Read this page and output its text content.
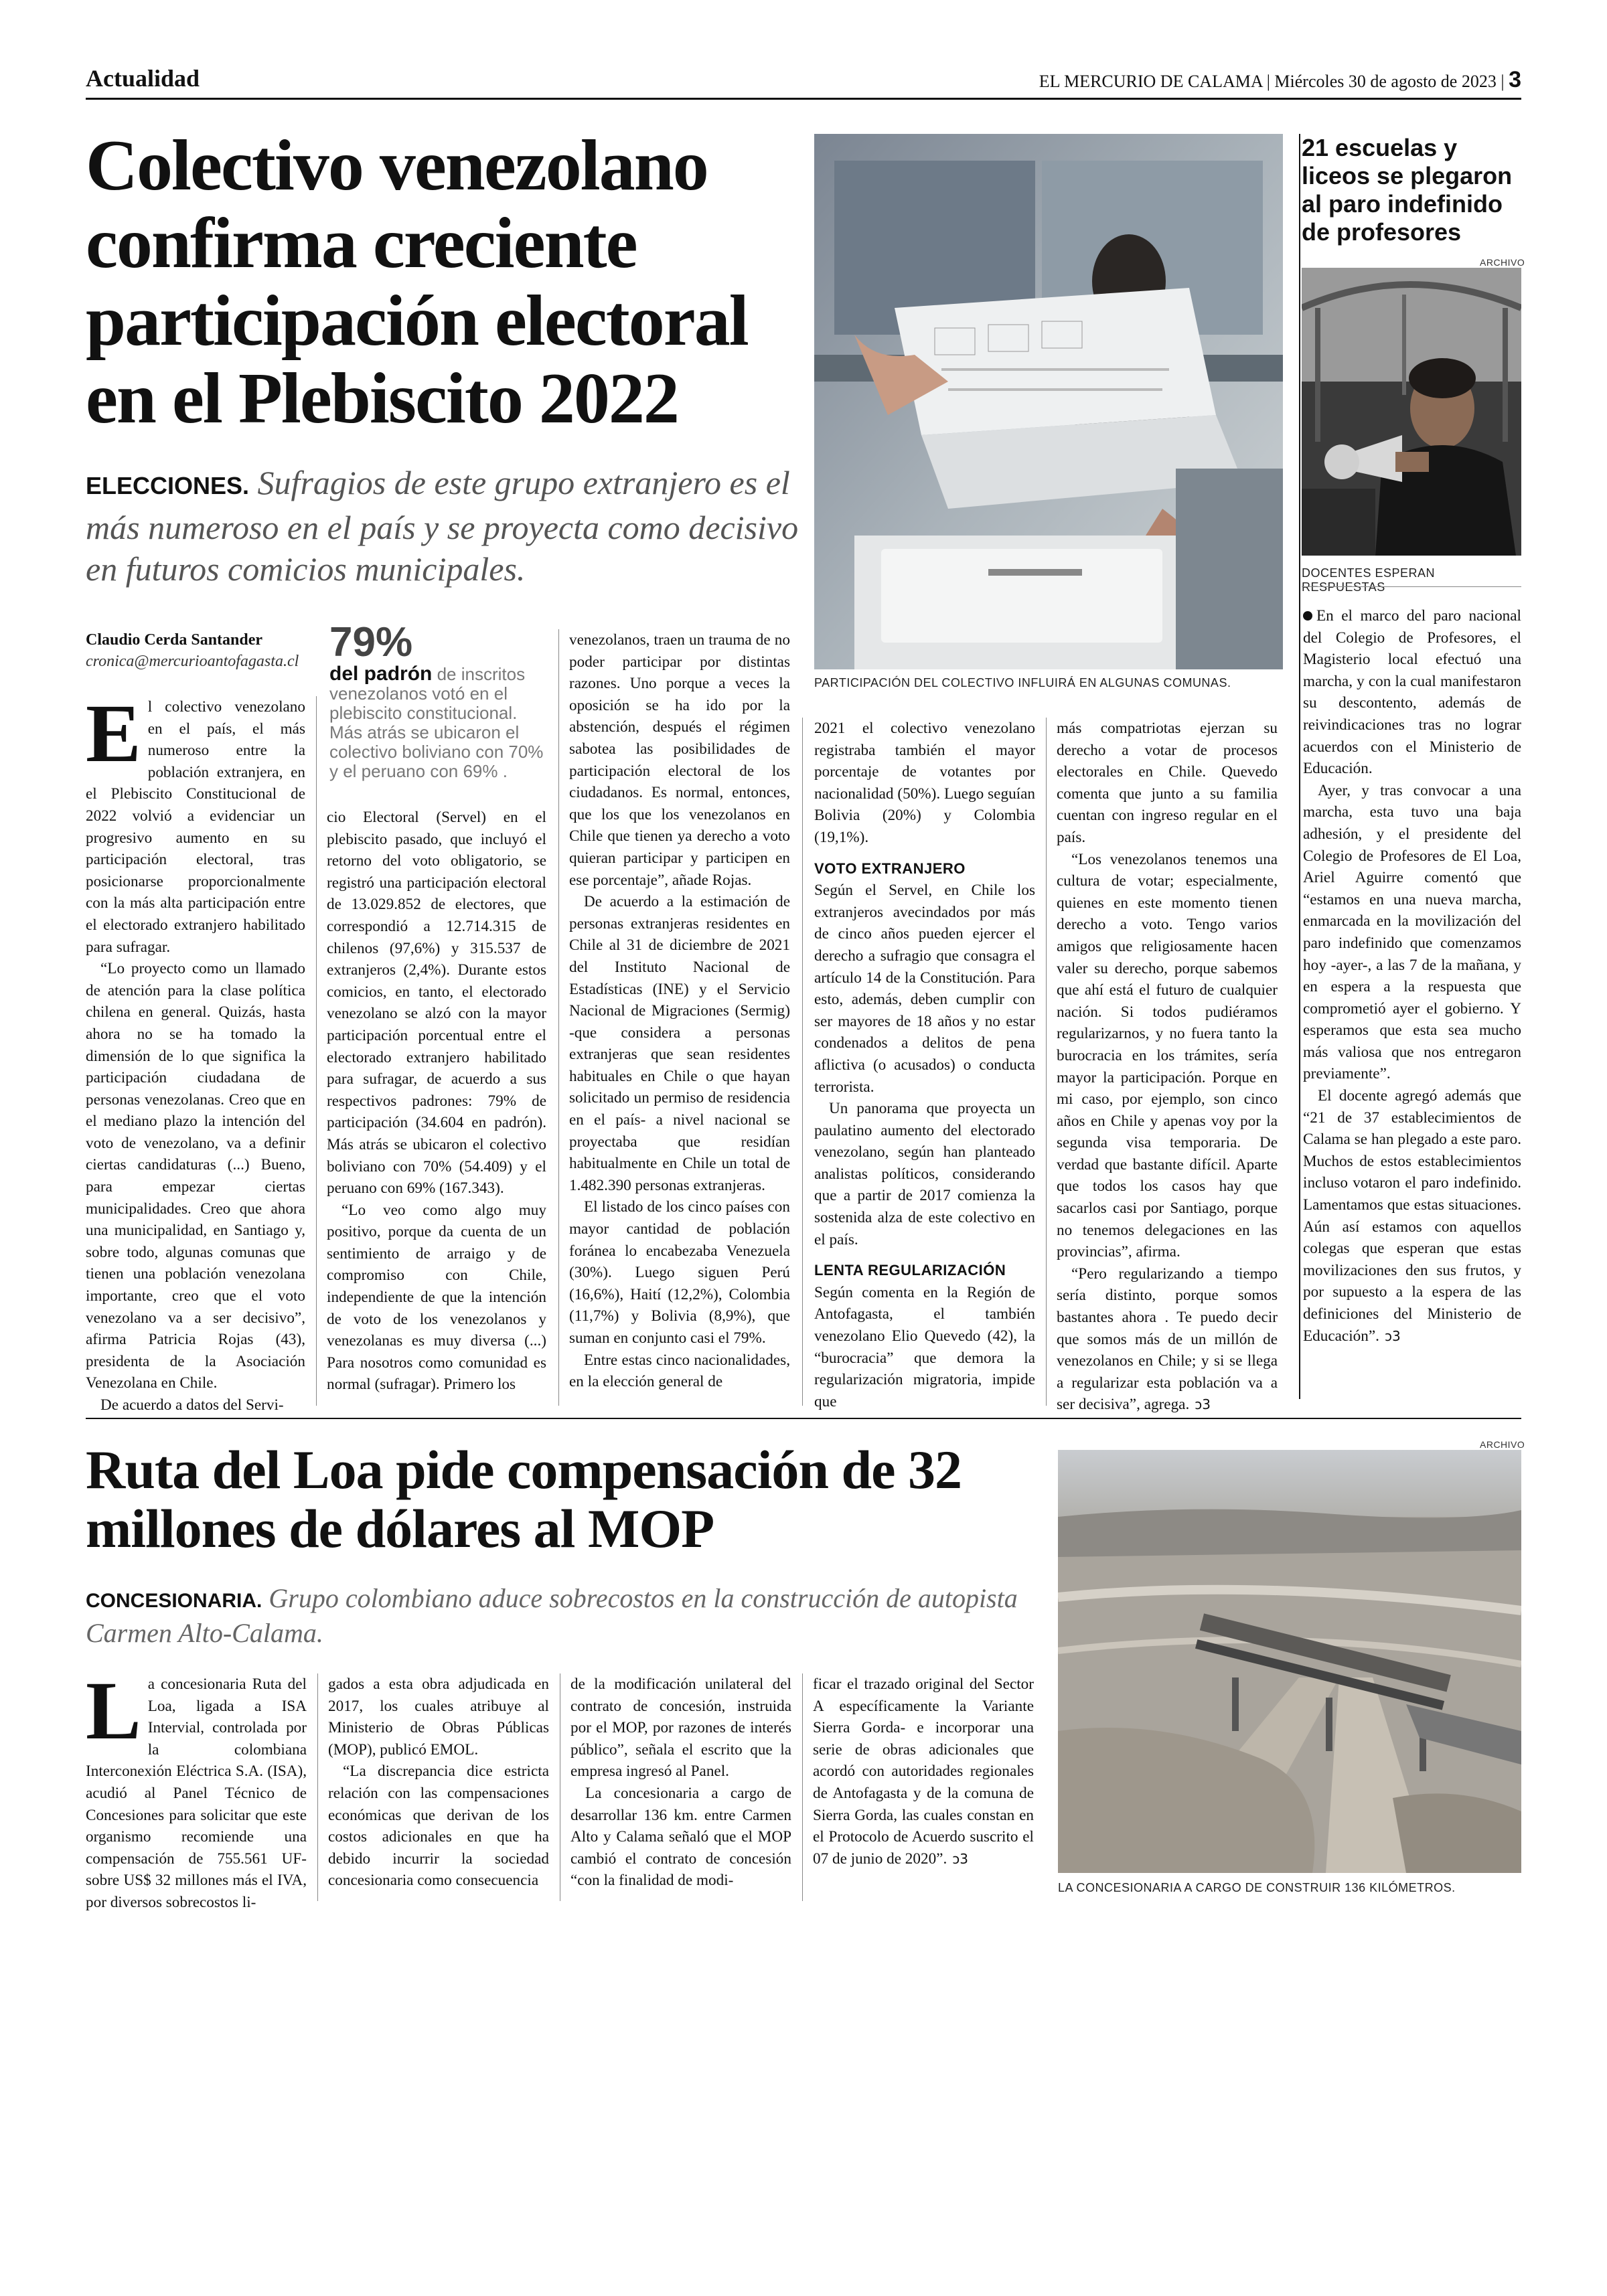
Actualidad	EL MERCURIO DE CALAMA | Miércoles 30 de agosto de 2023 | 3
Colectivo venezolano confirma creciente participación electoral en el Plebiscito 2022
ELECCIONES. Sufragios de este grupo extranjero es el más numeroso en el país y se proyecta como decisivo en futuros comicios municipales.
Claudio Cerda Santander
cronica@mercurioantofagasta.cl 79%
del padrón de inscritos venezolanos votó en el plebiscito constitucional. Más atrás se ubicaron el colectivo boliviano con 70% y el peruano con 69% .

El colectivo venezolano en el país, el más numeroso entre la población extranjera, en el Plebiscito Constitucional de 2022 volvió a evidenciar un progresivo aumento en su participación electoral, tras posicionarse proporcionalmente con la más alta participación entre el electorado extranjero habilitado para sufragar.

“Lo proyecto como un llamado de atención para la clase política chilena en general. Quizás, hasta ahora no se ha tomado la dimensión de lo que significa la participación ciudadana de personas venezolanas. Creo que en el mediano plazo la intención del voto de venezolano, va a definir ciertas candidaturas (...) Bueno, para empezar ciertas municipalidades. Creo que ahora una municipalidad, en Santiago y, sobre todo, algunas comunas que tienen una población venezolana importante, creo que el voto venezolano va a ser decisivo”, afirma Patricia Rojas (43), presidenta de la Asociación Venezolana en Chile.

De acuerdo a datos del Servi-

cio Electoral (Servel) en el plebiscito pasado, que incluyó el retorno del voto obligatorio, se registró una participación electoral de 13.029.852 de electores, que correspondió a 12.714.315 de chilenos (97,6%) y 315.537 de extranjeros (2,4%). Durante estos comicios, en tanto, el electorado venezolano se alzó con la mayor participación porcentual entre el electorado extranjero habilitado para sufragar, de acuerdo a sus respectivos padrones: 79% de participación (34.604 en padrón). Más atrás se ubicaron el colectivo boliviano con 70% (54.409) y el peruano con 69% (167.343).

“Lo veo como algo muy positivo, porque da cuenta de un sentimiento de arraigo y de compromiso con Chile, independiente de que la intención de voto de los venezolanos y venezolanas es muy diversa (...) Para nosotros como comunidad es normal (sufragar). Primero los

venezolanos, traen un trauma de no poder participar por distintas razones. Uno porque a veces la oposición se ha ido por la abstención, después el régimen sabotea las posibilidades de participación electoral de los ciudadanos. Es normal, entonces, que los que los venezolanos en Chile que tienen ya derecho a voto quieran participar y participen en ese porcentaje”, añade Rojas.

De acuerdo a la estimación de personas extranjeras residentes en Chile al 31 de diciembre de 2021 del Instituto Nacional de Estadísticas (INE) y el Servicio Nacional de Migraciones (Sermig) -que considera a personas extranjeras que sean residentes habituales en Chile o que hayan solicitado un permiso de residencia en el país- a nivel nacional se proyectaba que residían habitualmente en Chile un total de 1.482.390 personas extranjeras.

El listado de los cinco países con mayor cantidad de población foránea lo encabezaba Venezuela (30%). Luego siguen Perú (16,6%), Haití (12,2%), Colombia (11,7%) y Bolivia (8,9%), que suman en conjunto casi el 79%.

Entre estas cinco nacionalidades, en la elección general de

PARTICIPACIÓN DEL COLECTIVO INFLUIRÁ EN ALGUNAS COMUNAS.

2021 el colectivo venezolano registraba también el mayor porcentaje de votantes por nacionalidad (50%). Luego seguían Bolivia (20%) y Colombia (19,1%).

VOTO EXTRANJERO

Según el Servel, en Chile los extranjeros avecindados por más de cinco años pueden ejercer el derecho a sufragio que consagra el artículo 14 de la Constitución. Para esto, además, deben cumplir con ser mayores de 18 años y no estar condenados a delitos de pena aflictiva (o acusados) o conducta terrorista.

Un panorama que proyecta un paulatino aumento del electorado venezolano, según han planteado analistas políticos, considerando que a partir de 2017 comienza la sostenida alza de este colectivo en el país.

LENTA REGULARIZACIÓN

Según comenta en la Región de Antofagasta, el también venezolano Elio Quevedo (42), la “burocracia” que demora la regularización migratoria, impide que

más compatriotas ejerzan su derecho a votar de procesos electorales en Chile. Quevedo comenta que junto a su familia cuentan con ingreso regular en el país.

“Los venezolanos tenemos una cultura de votar; especialmente, quienes en este momento tienen derecho a voto. Tengo varios amigos que religiosamente hacen valer su derecho, porque sabemos que ahí está el futuro de cualquier nación. Si todos pudiéramos regularizarnos, y no fuera tanto la burocracia en los trámites, sería mayor la participación. Porque en mi caso, por ejemplo, son cinco años en Chile y apenas voy por la segunda visa temporaria. De verdad que bastante difícil. Aparte que todos los casos hay que sacarlos casi por Santiago, porque no tenemos delegaciones en las provincias”, afirma.

“Pero regularizando a tiempo sería distinto, porque somos bastantes ahora . Te puedo decir que somos más de un millón de venezolanos en Chile; y si se llega a regularizar esta población va a ser decisiva”, agrega. ↄ3

21 escuelas y liceos se plegaron al paro indefinido de profesores
ARCHIVO
DOCENTES ESPERAN RESPUESTAS

En el marco del paro nacional del Colegio de Profesores, el Magisterio local efectuó una marcha, y con la cual manifestaron su descontento, además de reivindicaciones tras no lograr acuerdos con el Ministerio de Educación.

Ayer, y tras convocar a una marcha, esta tuvo una baja adhesión, y el presidente del Colegio de Profesores de El Loa, Ariel Aguirre comentó que “estamos en una nueva marcha, enmarcada en la movilización del paro indefinido que comenzamos hoy -ayer-, a las 7 de la mañana, y en espera a la respuesta que comprometió ayer el gobierno. Y esperamos que esta sea mucho más valiosa que nos entregaron previamente”.

El docente agregó además que “21 de 37 establecimientos de Calama se han plegado a este paro. Muchos de estos establecimientos incluso votaron el paro indefinido. Lamentamos que estas situaciones. Aún así estamos con aquellos colegas que esperan que estas movilizaciones den sus frutos, y por supuesto a la espera de las definiciones del Ministerio de Educación”. ↄ3

Ruta del Loa pide compensación de 32 millones de dólares al MOP
CONCESIONARIA. Grupo colombiano aduce sobrecostos en la construcción de autopista Carmen Alto-Calama.

La concesionaria Ruta del Loa, ligada a ISA Intervial, controlada por la colombiana Interconexión Eléctrica S.A. (ISA), acudió al Panel Técnico de Concesiones para solicitar que este organismo recomiende una compensación de 755.561 UF-sobre US$ 32 millones más el IVA, por diversos sobrecostos li-

gados a esta obra adjudicada en 2017, los cuales atribuye al Ministerio de Obras Públicas (MOP), publicó EMOL.

“La discrepancia dice estricta relación con las compensaciones económicas que derivan de los costos adicionales en que ha debido incurrir la sociedad concesionaria como consecuencia

de la modificación unilateral del contrato de concesión, instruida por el MOP, por razones de interés público”, señala el escrito que la empresa ingresó al Panel.

La concesionaria a cargo de desarrollar 136 km. entre Carmen Alto y Calama señaló que el MOP cambió el contrato de concesión “con la finalidad de modi-

ficar el trazado original del Sector A específicamente la Variante Sierra Gorda- e incorporar una serie de obras adicionales que acordó con autoridades regionales de Antofagasta y de la comuna de Sierra Gorda, las cuales constan en el Protocolo de Acuerdo suscrito el 07 de junio de 2020”. ↄ3

ARCHIVO
LA CONCESIONARIA A CARGO DE CONSTRUIR 136 KILÓMETROS.
